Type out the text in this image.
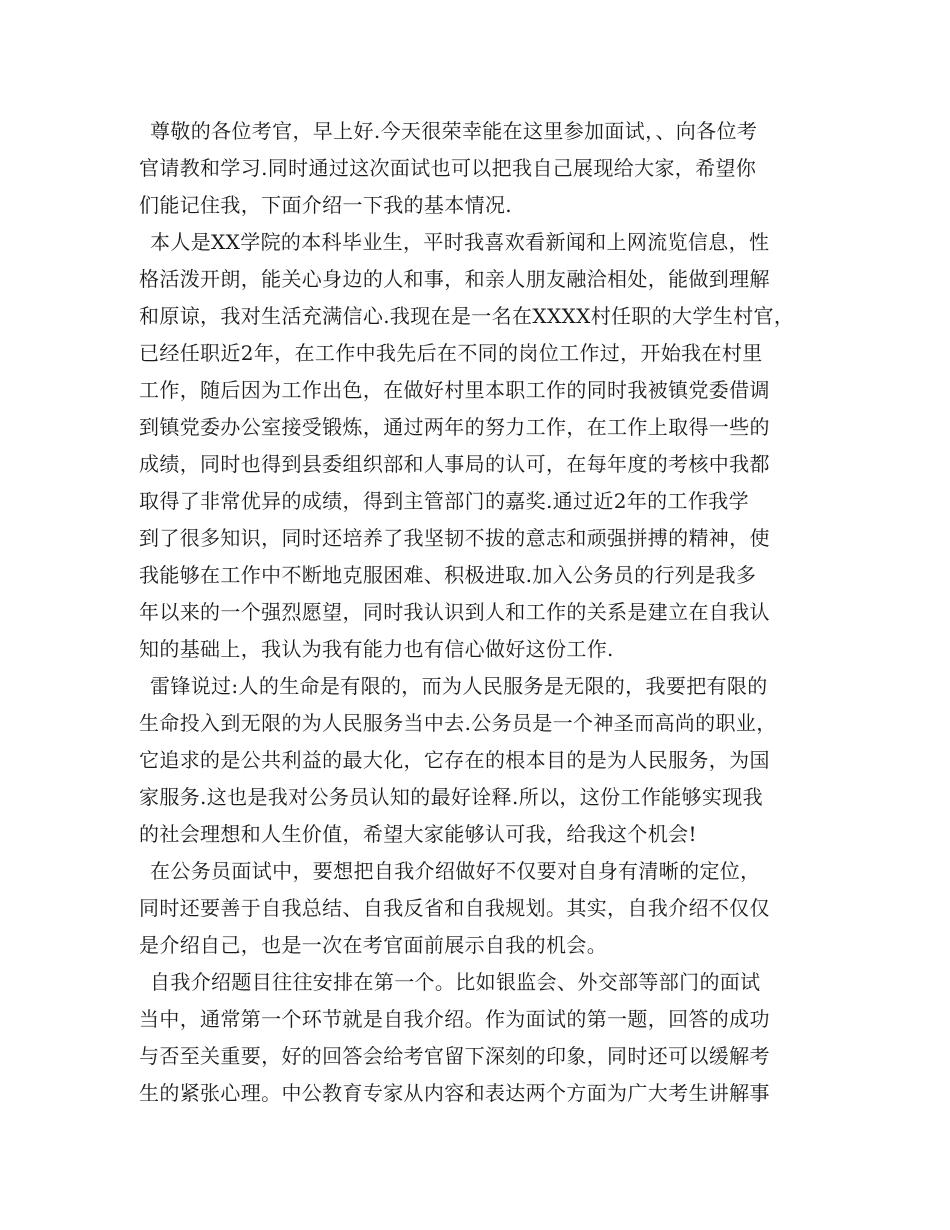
尊敬的各位考官，早上好.今天很荣幸能在这里参加面试，、向各位考
官请教和学习.同时通过这次面试也可以把我自己展现给大家，希望你
们能记住我，下面介绍一下我的基本情况.
本人是XX学院的本科毕业生，平时我喜欢看新闻和上网流览信息，性
格活泼开朗，能关心身边的人和事，和亲人朋友融洽相处，能做到理解
和原谅，我对生活充满信心.我现在是一名在XXXX村任职的大学生村官，
已经任职近2年，在工作中我先后在不同的岗位工作过，开始我在村里
工作，随后因为工作出色，在做好村里本职工作的同时我被镇党委借调
到镇党委办公室接受锻炼，通过两年的努力工作，在工作上取得一些的
成绩，同时也得到县委组织部和人事局的认可，在每年度的考核中我都
取得了非常优异的成绩，得到主管部门的嘉奖.通过近2年的工作我学
到了很多知识，同时还培养了我坚韧不拔的意志和顽强拼搏的精神，使
我能够在工作中不断地克服困难、积极进取.加入公务员的行列是我多
年以来的一个强烈愿望，同时我认识到人和工作的关系是建立在自我认
知的基础上，我认为我有能力也有信心做好这份工作.
雷锋说过:人的生命是有限的，而为人民服务是无限的，我要把有限的
生命投入到无限的为人民服务当中去.公务员是一个神圣而高尚的职业，
它追求的是公共利益的最大化，它存在的根本目的是为人民服务，为国
家服务.这也是我对公务员认知的最好诠释.所以，这份工作能够实现我
的社会理想和人生价值，希望大家能够认可我，给我这个机会!
在公务员面试中，要想把自我介绍做好不仅要对自身有清晰的定位，
同时还要善于自我总结、自我反省和自我规划。其实，自我介绍不仅仅
是介绍自己，也是一次在考官面前展示自我的机会。
自我介绍题目往往安排在第一个。比如银监会、外交部等部门的面试
当中，通常第一个环节就是自我介绍。作为面试的第一题，回答的成功
与否至关重要，好的回答会给考官留下深刻的印象，同时还可以缓解考
生的紧张心理。中公教育专家从内容和表达两个方面为广大考生讲解事
